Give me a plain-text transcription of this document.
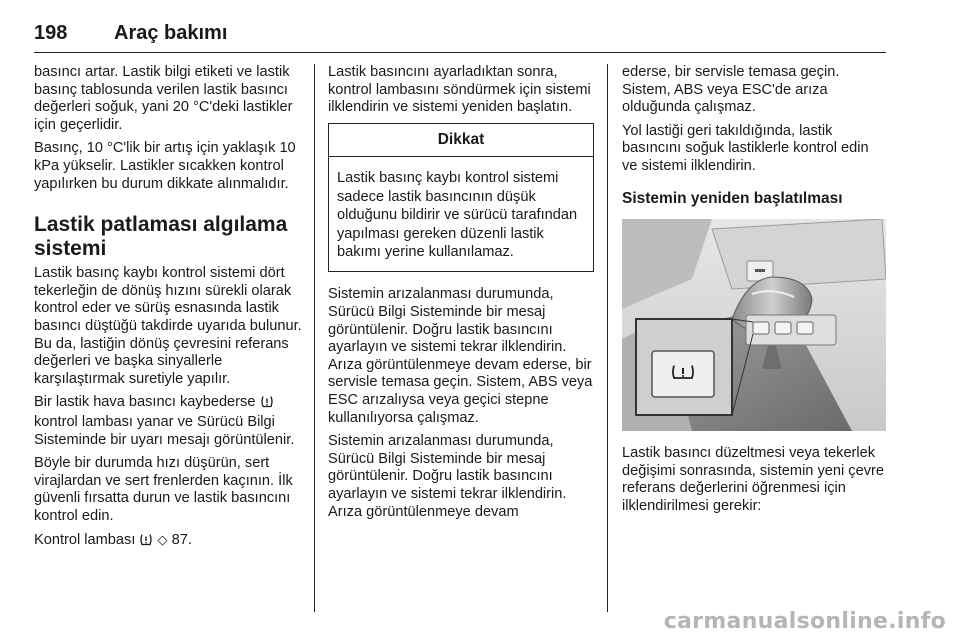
198 Araç bakımı

basıncı artar. Lastik bilgi etiketi ve lastik basınç tablosunda verilen lastik basıncı değerleri soğuk, yani 20 °C'deki lastikler için geçerlidir.

Basınç, 10 °C'lik bir artış için yaklaşık 10 kPa yükselir. Lastikler sıcakken kontrol yapılırken bu durum dikkate alınmalıdır.

Lastik patlaması algılama sistemi

Lastik basınç kaybı kontrol sistemi dört tekerleğin de dönüş hızını sürekli olarak kontrol eder ve sürüş esnasında lastik basıncı düştüğü takdirde uyarıda bulunur. Bu da, lastiğin dönüş çevresini referans değerleri ve başka sinyallerle karşılaştırmak suretiyle yapılır.

Bir lastik hava basıncı kaybederse  kontrol lambası yanar ve Sürücü Bilgi Sisteminde bir uyarı mesajı görüntülenir.

Böyle bir durumda hızı düşürün, sert virajlardan ve sert frenlerden kaçının. İlk güvenli fırsatta durun ve lastik basıncını kontrol edin.

Kontrol lambası ◇ 87.

Lastik basıncını ayarladıktan sonra, kontrol lambasını söndürmek için sistemi ilklendirin ve sistemi yeniden başlatın.

Dikkat
Lastik basınç kaybı kontrol sistemi sadece lastik basıncının düşük olduğunu bildirir ve sürücü tarafından yapılması gereken düzenli lastik bakımı yerine kullanılamaz.

Sistemin arızalanması durumunda, Sürücü Bilgi Sisteminde bir mesaj görüntülenir. Doğru lastik basıncını ayarlayın ve sistemi tekrar ilklendirin. Arıza görüntülenmeye devam ederse, bir servisle temasa geçin. Sistem, ABS veya ESC arızalıysa veya geçici stepne kullanılıyorsa çalışmaz.

Sistemin arızalanması durumunda, Sürücü Bilgi Sisteminde bir mesaj görüntülenir. Doğru lastik basıncını ayarlayın ve sistemi tekrar ilklendirin. Arıza görüntülenmeye devam

ederse, bir servisle temasa geçin. Sistem, ABS veya ESC'de arıza olduğunda çalışmaz.

Yol lastiği geri takıldığında, lastik basıncını soğuk lastiklerle kontrol edin ve sistemi ilklendirin.

Sistemin yeniden başlatılması

Lastik basıncı düzeltmesi veya tekerlek değişimi sonrasında, sistemin yeni çevre referans değerlerini öğrenmesi için ilklendirilmesi gerekir:

carmanualsonline.info
